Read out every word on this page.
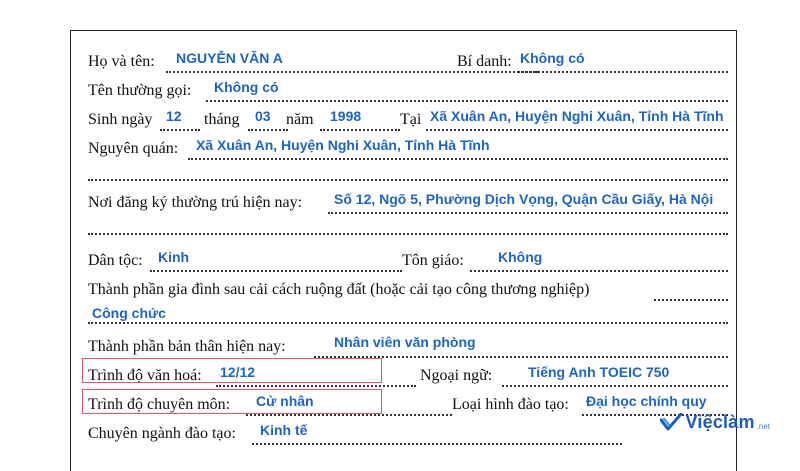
Họ và tên: NGUYỄN VĂN A	Bí danh: Không có
Tên thường gọi: Không có
Sinh ngày 12 tháng 03 năm 1998 Tại Xã Xuân An, Huyện Nghi Xuân, Tỉnh Hà Tĩnh
Nguyên quán: Xã Xuân An, Huyện Nghi Xuân, Tỉnh Hà Tĩnh
Nơi đăng ký thường trú hiện nay: Số 12, Ngõ 5, Phường Dịch Vọng, Quận Cầu Giấy, Hà Nội
Dân tộc: Kinh	Tôn giáo: Không
Thành phần gia đình sau cải cách ruộng đất (hoặc cải tạo công thương nghiệp)
Công chức
Thành phần bản thân hiện nay:	Nhân viên văn phòng
Trình độ văn hoá: 12/12	Ngoại ngữ:	Tiếng Anh TOEIC 750
Trình độ chuyên môn: Cử nhân	Loại hình đào tạo: Đại học chính quy
Chuyên ngành đào tạo: Kinh tế	Việclàm .net
